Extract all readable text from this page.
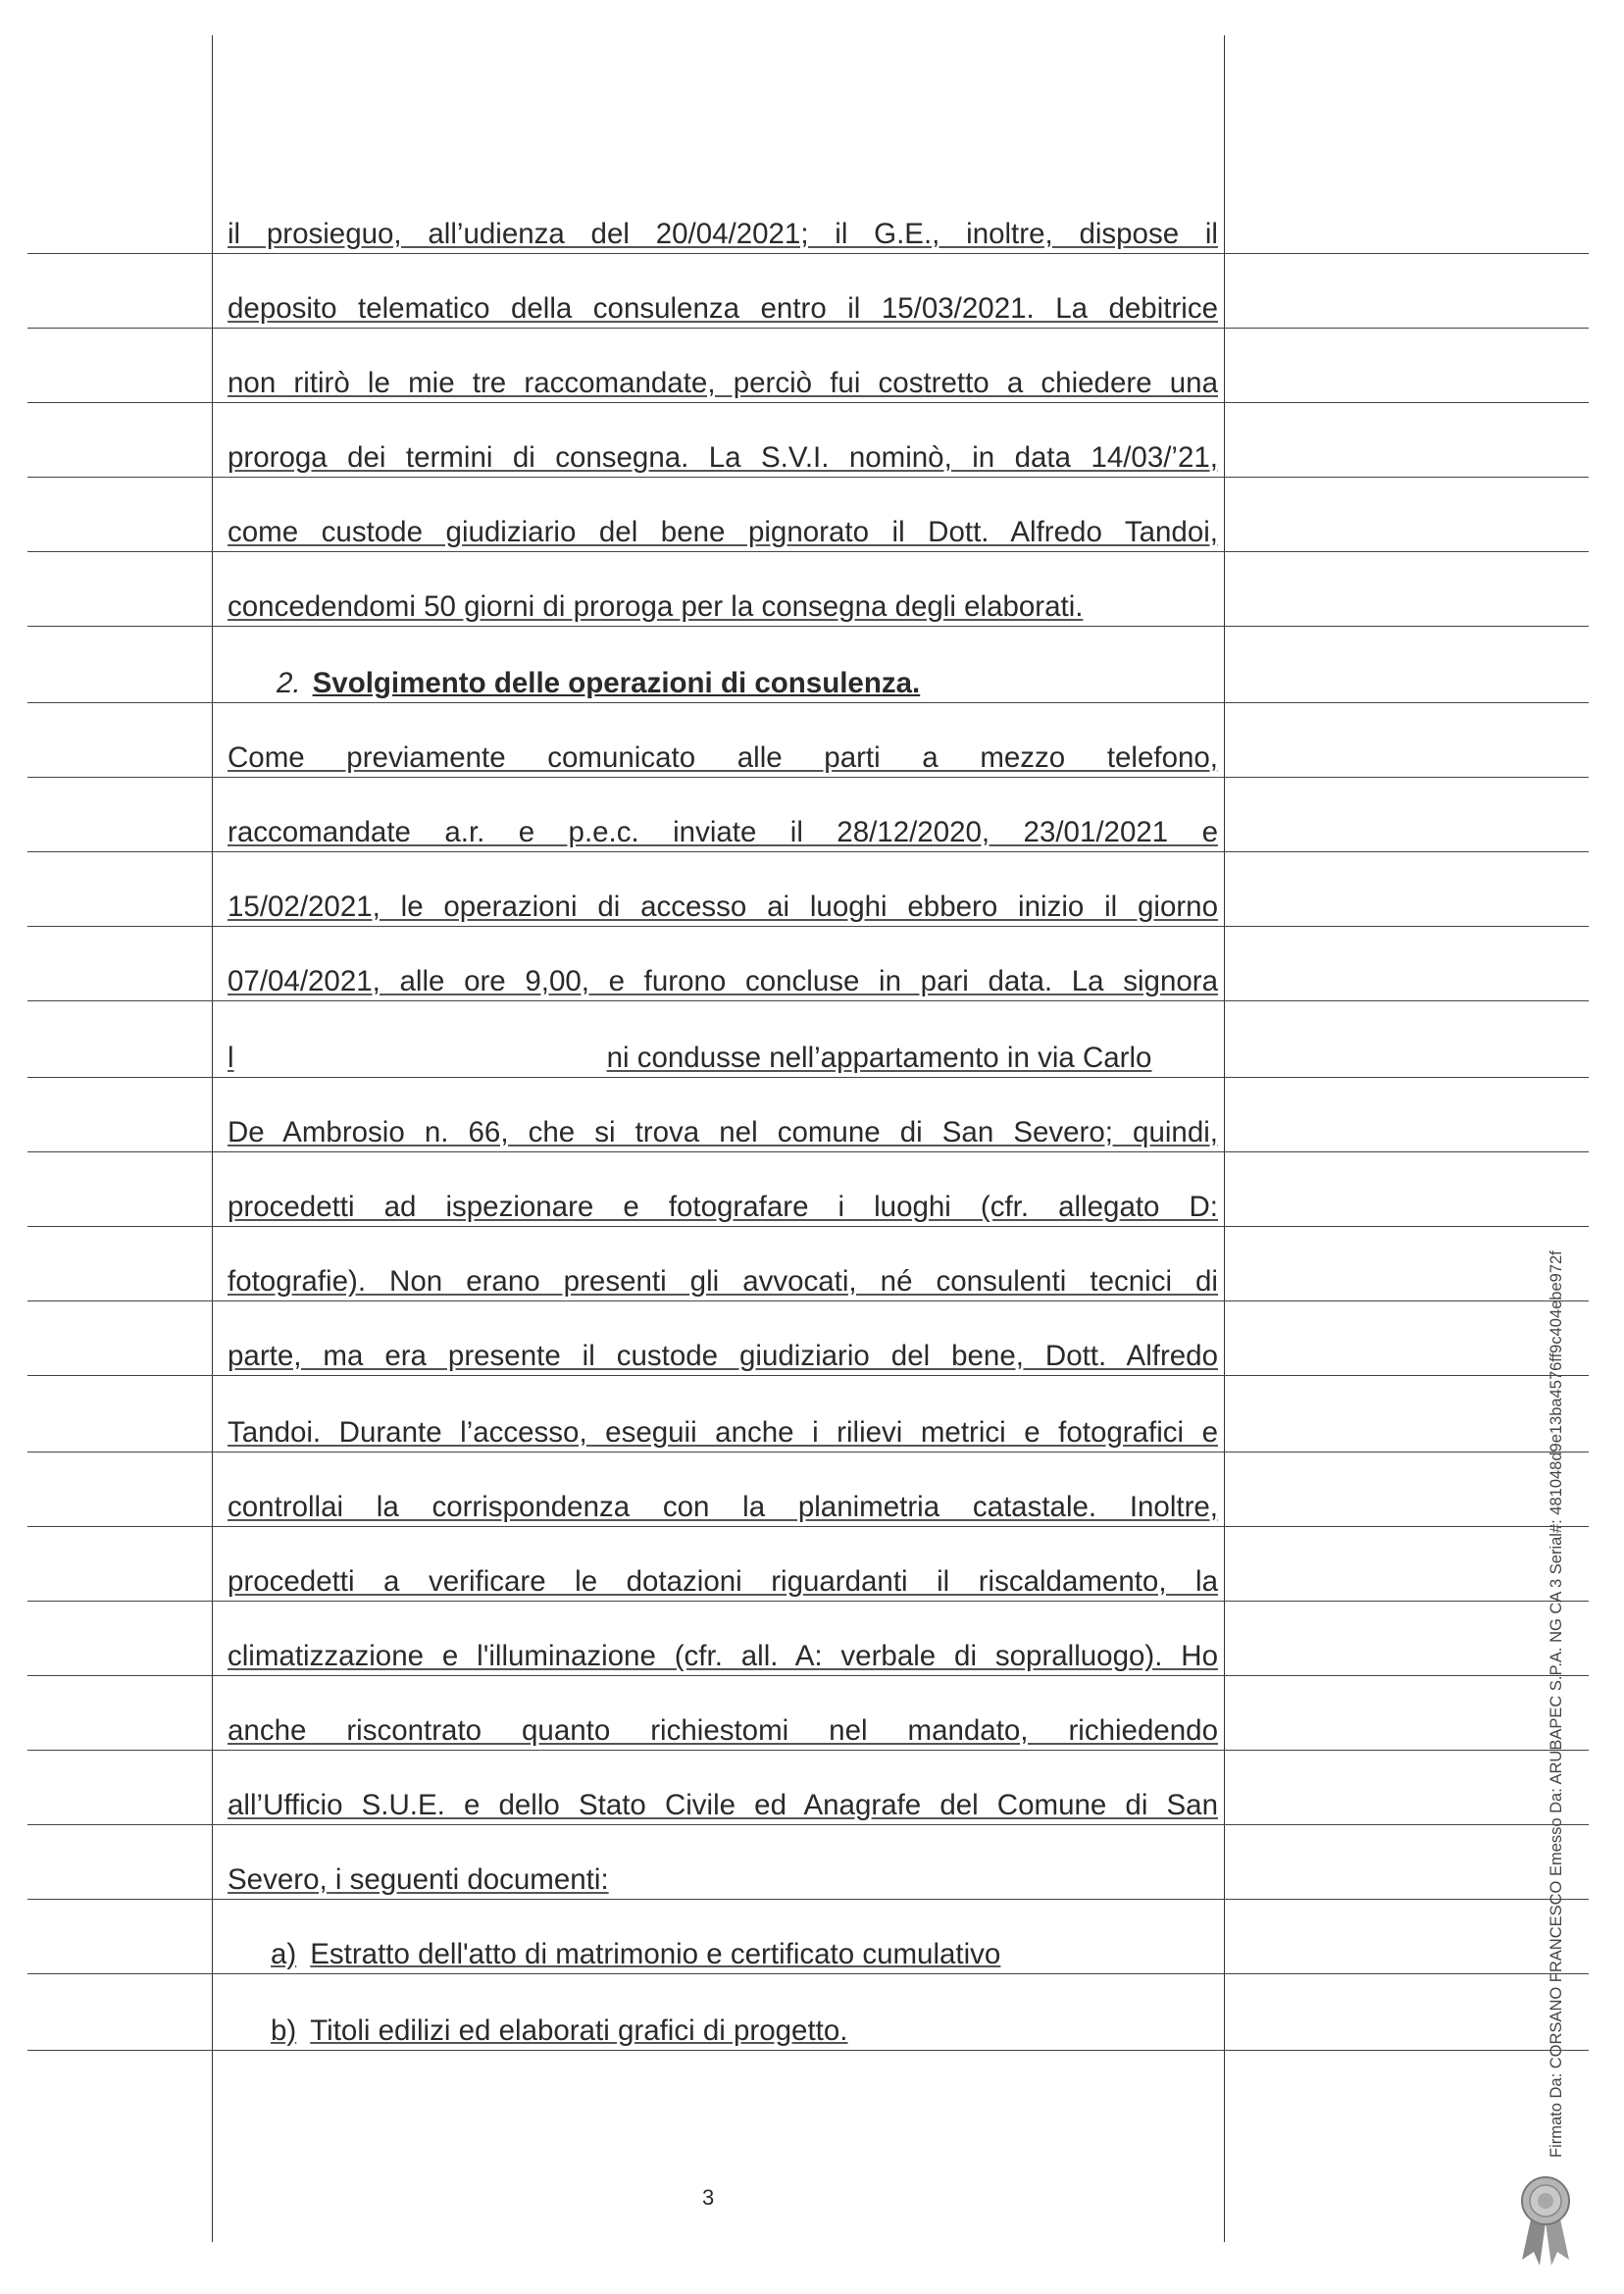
2. Svolgimento delle operazioni di consulenza.
l	ni condusse nell’appartamento in via Carlo
a) Estratto dell'atto di matrimonio e certificato cumulativo
b) Titoli edilizi ed elaborati grafici di progetto.
il prosieguo, all’udienza del 20/04/2021; il G.E., inoltre, dispose il
deposito telematico della consulenza entro il 15/03/2021. La debitrice
non ritirò le mie tre raccomandate, perciò fui costretto a chiedere una
proroga dei termini di consegna. La S.V.I. nominò, in data 14/03/’21,
come custode giudiziario del bene pignorato il Dott. Alfredo Tandoi,
concedendomi 50 giorni di proroga per la consegna degli elaborati.
Come previamente comunicato alle parti a mezzo telefono,
raccomandate a.r. e p.e.c. inviate il 28/12/2020, 23/01/2021 e
15/02/2021, le operazioni di accesso ai luoghi ebbero inizio il giorno
07/04/2021, alle ore 9,00, e furono concluse in pari data. La signora
De Ambrosio n. 66, che si trova nel comune di San Severo; quindi,
procedetti ad ispezionare e fotografare i luoghi (cfr. allegato D:
fotografie). Non erano presenti gli avvocati, né consulenti tecnici di
parte, ma era presente il custode giudiziario del bene, Dott. Alfredo
Tandoi. Durante l’accesso, eseguii anche i rilievi metrici e fotografici e
controllai la corrispondenza con la planimetria catastale. Inoltre,
procedetti a verificare le dotazioni riguardanti il riscaldamento, la
climatizzazione e l'illuminazione (cfr. all. A: verbale di sopralluogo). Ho
anche riscontrato quanto richiestomi nel mandato, richiedendo
all’Ufficio S.U.E. e dello Stato Civile ed Anagrafe del Comune di San
Severo, i seguenti documenti:
3
Firmato Da: CORSANO FRANCESCO Emesso Da: ARUBAPEC S.P.A. NG CA 3 Serial#: 481048d9e13ba4576ff9c404ebe972f
